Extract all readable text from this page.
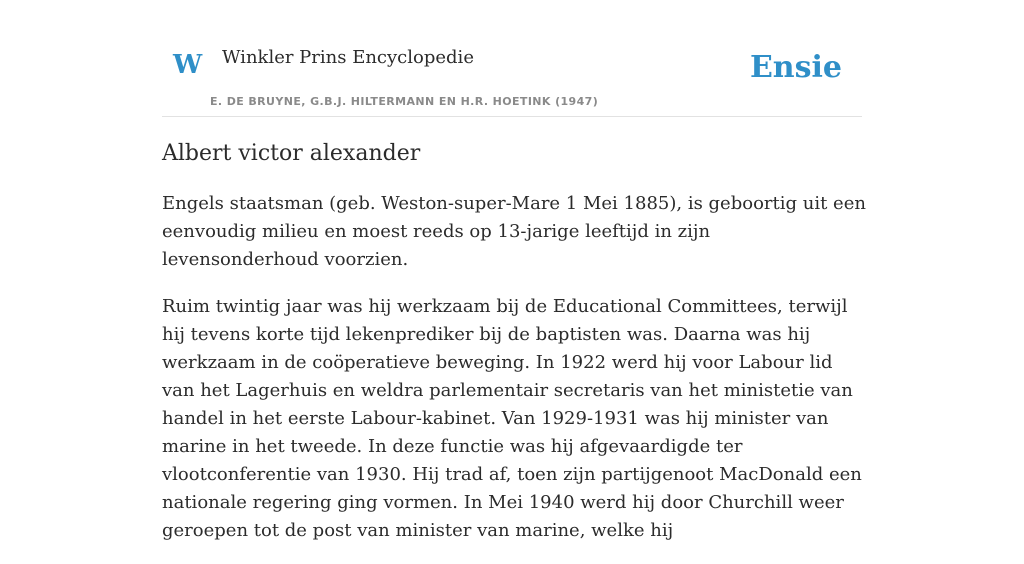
W Winkler Prins Encyclopedie
E. DE BRUYNE, G.B.J. HILTERMANN EN H.R. HOETINK (1947)
Ensie
Albert victor alexander

Engels staatsman (geb. Weston-super-Mare 1 Mei 1885), is geboortig uit een eenvoudig milieu en moest reeds op 13-jarige leeftijd in zijn levensonderhoud voorzien.

Ruim twintig jaar was hij werkzaam bij de Educational Committees, terwijl hij tevens korte tijd lekenprediker bij de baptisten was. Daarna was hij werkzaam in de coöperatieve beweging. In 1922 werd hij voor Labour lid van het Lagerhuis en weldra parlementair secretaris van het ministetie van handel in het eerste Labour-kabinet. Van 1929-1931 was hij minister van marine in het tweede. In deze functie was hij afgevaardigde ter vlootconferentie van 1930. Hij trad af, toen zijn partijgenoot MacDonald een nationale regering ging vormen. In Mei 1940 werd hij door Churchill weer geroepen tot de post van minister van marine, welke hij
